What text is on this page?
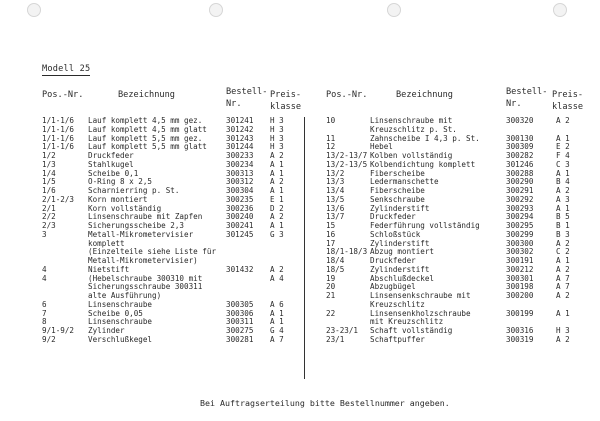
Modell 25
Pos.-Nr.	Bezeichnung	Bestell-
Nr.
Preis-
klasse
Pos.-Nr.	Bezeichnung	Bestell-
Nr.
Preis-
klasse
1/1-1/6 Lauf komplett 4,5 mm gez.	301241 H 3
1/1-1/6 Lauf komplett 4,5 mm glatt	301242 H 3
1/1-1/6 Lauf komplett 5,5 mm gez.	301243 H 3
1/1-1/6 Lauf komplett 5,5 mm glatt	301244 H 3
1/2	Druckfeder	300233 A 2
1/3	Stahlkugel	300234 A 1
1/4	Scheibe 0,1	300313 A 1
1/5	O-Ring 8 x 2,5	300312 A 2
1/6	Scharnierring p. St.	300304 A 1
2/1-2/3 Korn montiert	300235 E 1
2/1	Korn vollständig	300236 D 2
2/2	Linsenschraube mit Zapfen	300240 A 2
2/3	Sicherungsscheibe 2,3	300241 A 1
3	Metall-Mikrometervisier	301245 G 3
komplett
(Einzelteile siehe Liste für
Metall-Mikrometervisier)
4	Nietstift	301432 A 2
4	(Hebelschraube 300310 mit	A 4
Sicherungsschraube 300311
alte Ausführung)
6	Linsenschraube	300305 A 6
7	Scheibe 0,05	300306 A 1
8	Linsenschraube	300311 A 1
9/1-9/2 Zylinder	300275 G 4
9/2	Verschlußkegel	300281 A 7
10	Linsenschraube mit	300320	A 2
Kreuzschlitz p. St.
11	Zahnscheibe I 4,3 p. St.	300130	A 1
12	Hebel	300309	E 2
13/2-13/7 Kolben vollständig	300282	F 4
13/2-13/5 Kolbendichtung komplett	301246	C 3
13/2	Fiberscheibe	300288	A 1
13/3	Ledermanschette	300290	B 4
13/4	Fiberscheibe	300291	A 2
13/5	Senkschraube	300292	A 3
13/6	Zylinderstift	300293	A 1
13/7	Druckfeder	300294	B 5
15	Federführung vollständig	300295	B 1
16	Schloßstück	300299	B 3
17	Zylinderstift	300300	A 2
18/1-18/3 Abzug montiert	300302	C 2
18/4	Druckfeder	300191	A 1
18/5	Zylinderstift	300212	A 2
19	Abschlußdeckel	300301	A 7
20	Abzugbügel	300198	A 7
21	Linsensenkschraube mit	300200	A 2
Kreuzschlitz
22	Linsensenkholzschraube	300199	A 1
mit Kreuzschlitz
23-23/1 Schaft vollständig	300316	H 3
23/1	Schaftpuffer	300319	A 2
Bei Auftragserteilung bitte Bestellnummer angeben.
